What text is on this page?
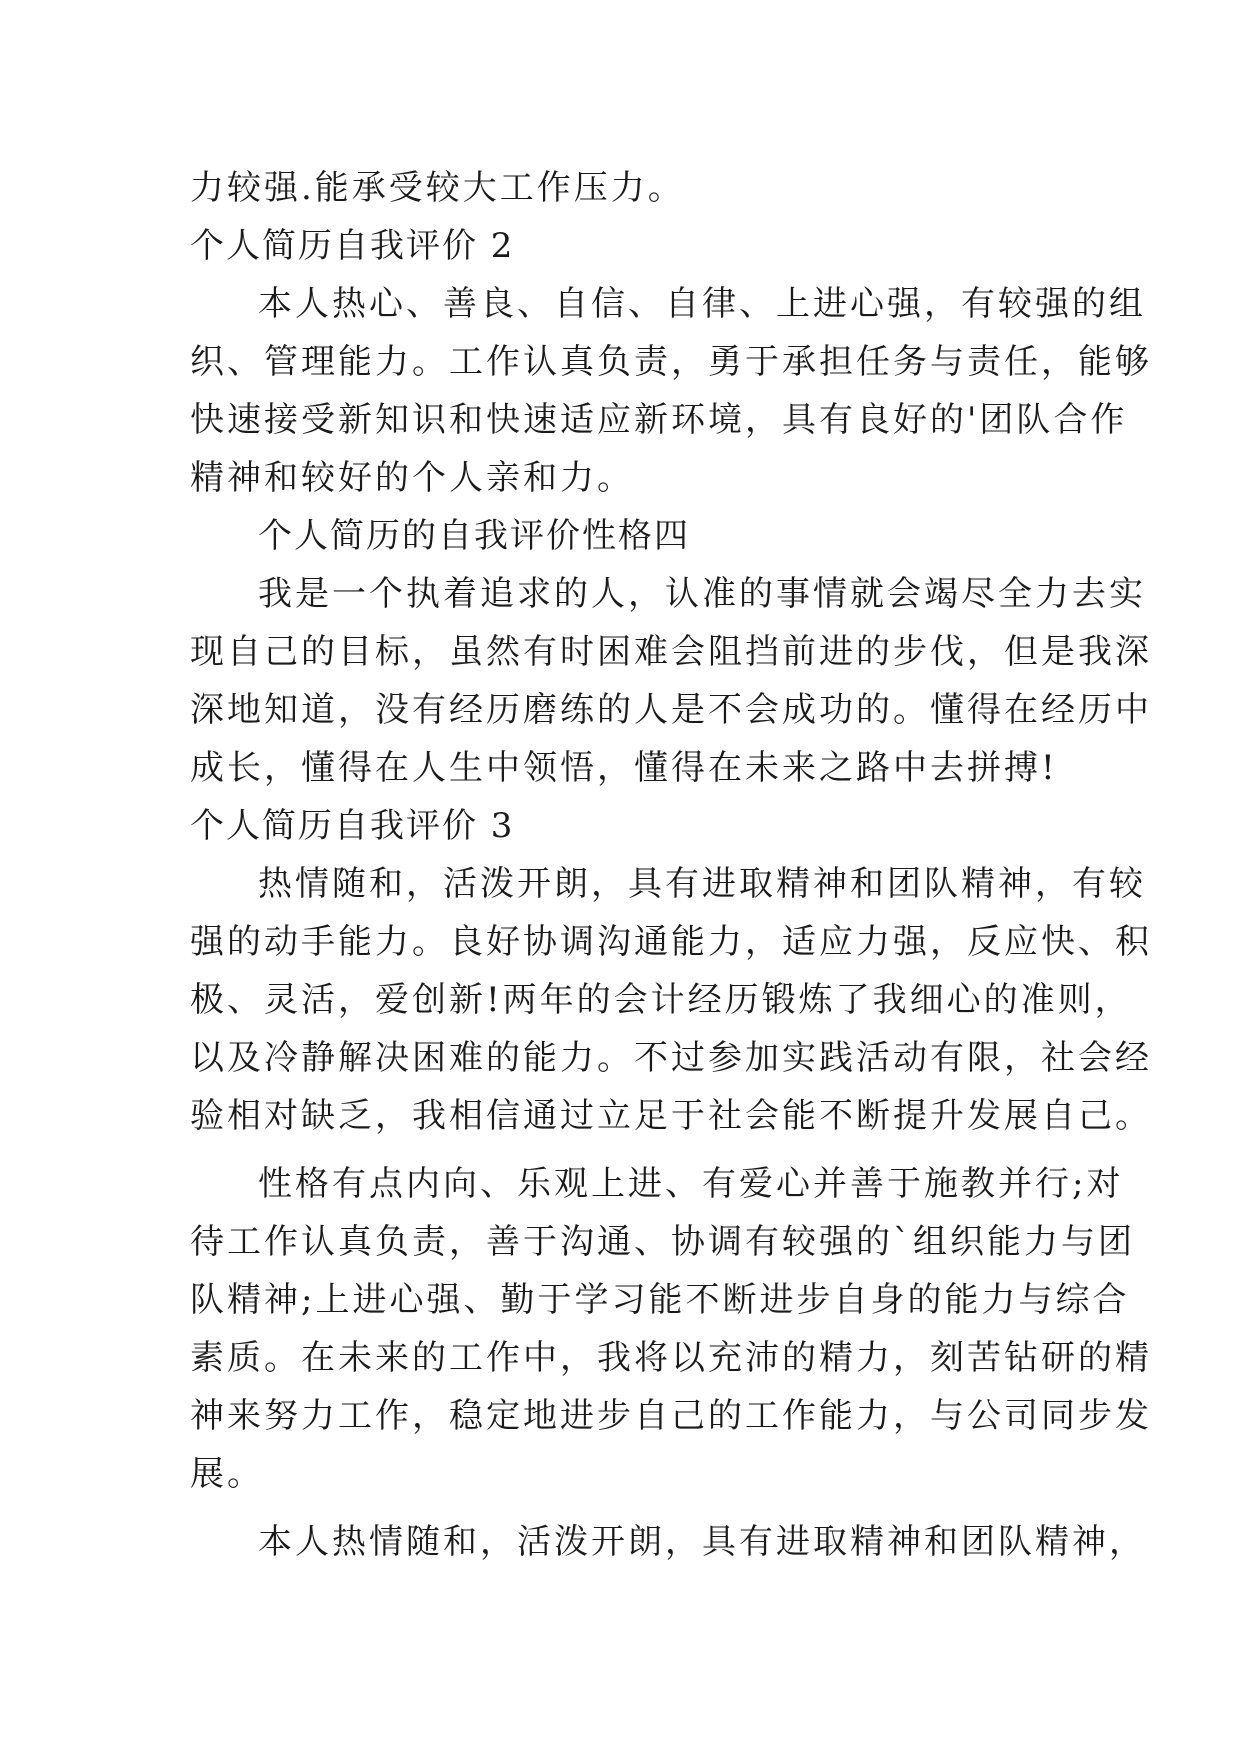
力较强.能承受较大工作压力。
个人简历自我评价 2
本人热心、善良、自信、自律、上进心强，有较强的组
织、管理能力。工作认真负责，勇于承担任务与责任，能够
快速接受新知识和快速适应新环境，具有良好的'团队合作
精神和较好的个人亲和力。
个人简历的自我评价性格四
我是一个执着追求的人，认准的事情就会竭尽全力去实
现自己的目标，虽然有时困难会阻挡前进的步伐，但是我深
深地知道，没有经历磨练的人是不会成功的。懂得在经历中
成长，懂得在人生中领悟，懂得在未来之路中去拼搏!
个人简历自我评价 3
热情随和，活泼开朗，具有进取精神和团队精神，有较
强的动手能力。良好协调沟通能力，适应力强，反应快、积
极、灵活，爱创新!两年的会计经历锻炼了我细心的准则，
以及冷静解决困难的能力。不过参加实践活动有限，社会经
验相对缺乏，我相信通过立足于社会能不断提升发展自己。
性格有点内向、乐观上进、有爱心并善于施教并行;对
待工作认真负责，善于沟通、协调有较强的`组织能力与团
队精神;上进心强、勤于学习能不断进步自身的能力与综合
素质。在未来的工作中，我将以充沛的精力，刻苦钻研的精
神来努力工作，稳定地进步自己的工作能力，与公司同步发
展。
本人热情随和，活泼开朗，具有进取精神和团队精神，
